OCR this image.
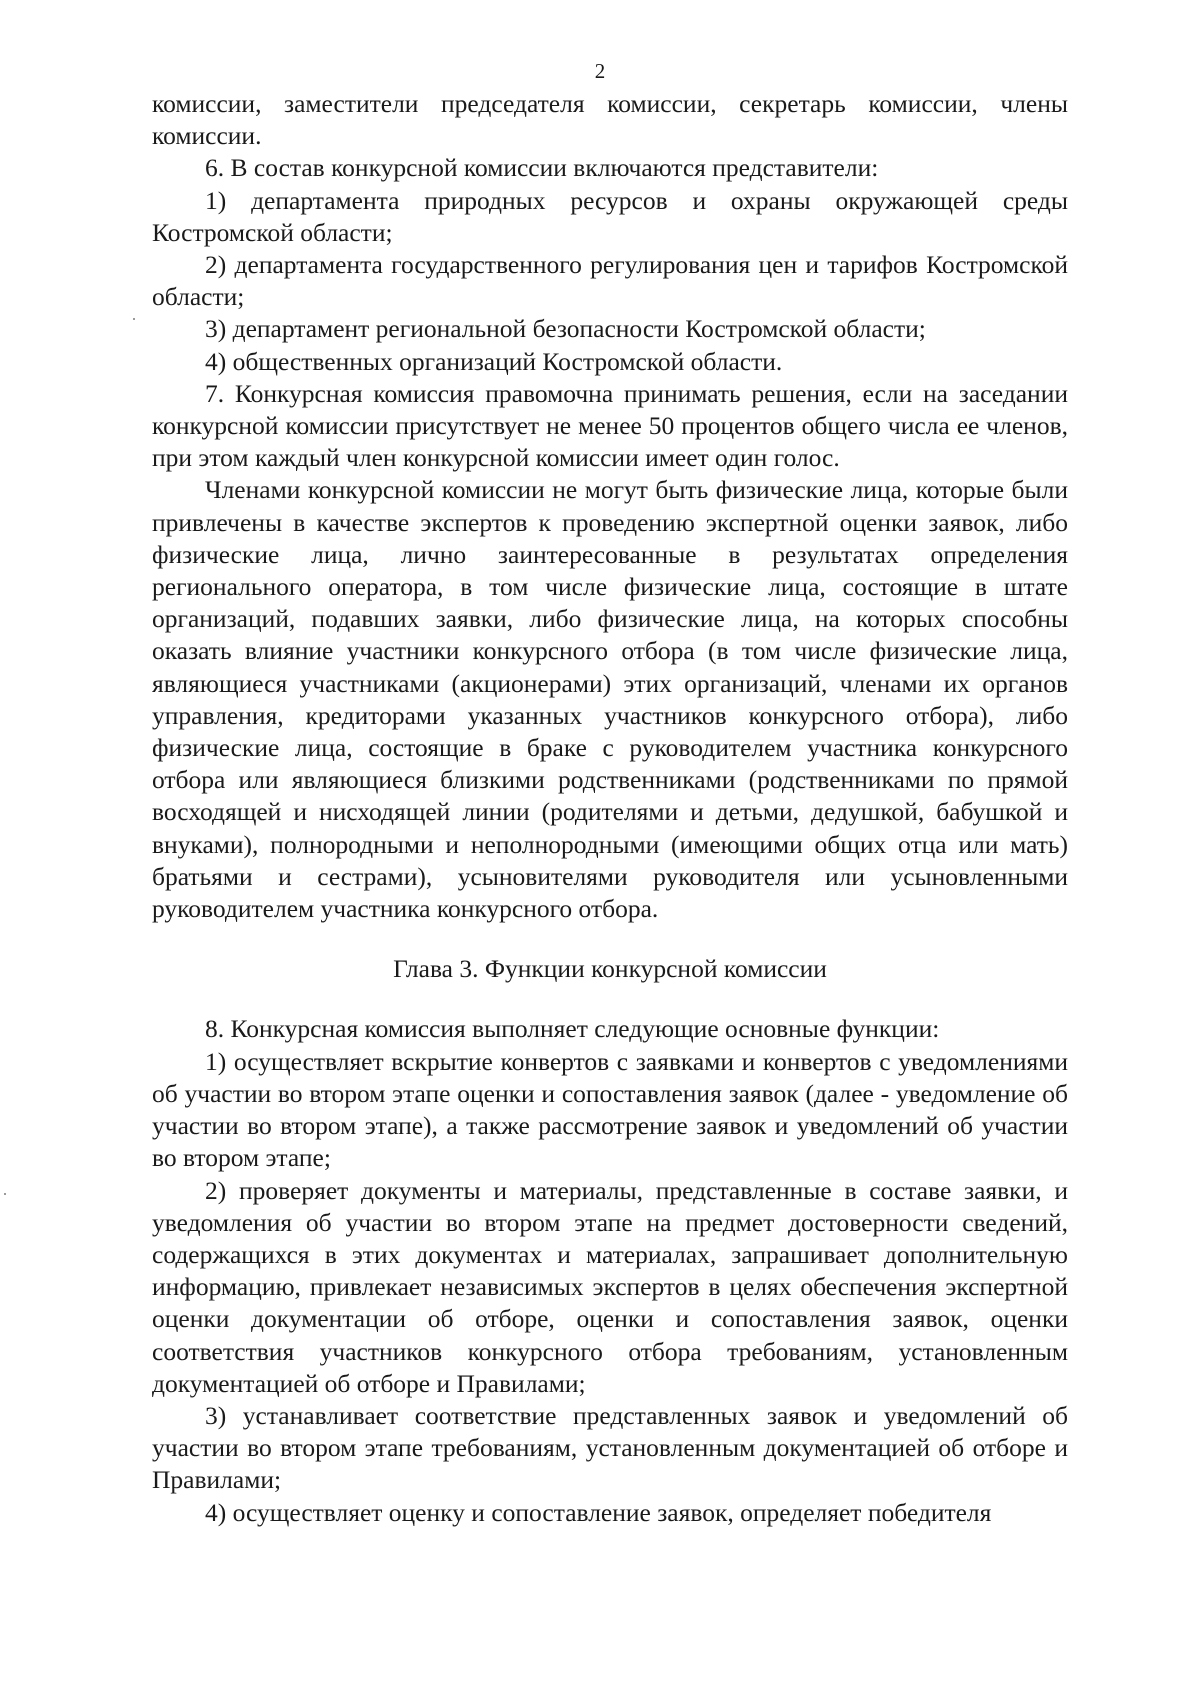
2

комиссии, заместители председателя комиссии, секретарь комиссии, члены комиссии.

6. В состав конкурсной комиссии включаются представители:

1) департамента природных ресурсов и охраны окружающей среды Костромской области;

2) департамента государственного регулирования цен и тарифов Костромской области;

3) департамент региональной безопасности Костромской области;

4) общественных организаций Костромской области.

7. Конкурсная комиссия правомочна принимать решения, если на заседании конкурсной комиссии присутствует не менее 50 процентов общего числа ее членов, при этом каждый член конкурсной комиссии имеет один голос.

Членами конкурсной комиссии не могут быть физические лица, которые были привлечены в качестве экспертов к проведению экспертной оценки заявок, либо физические лица, лично заинтересованные в результатах определения регионального оператора, в том числе физические лица, состоящие в штате организаций, подавших заявки, либо физические лица, на которых способны оказать влияние участники конкурсного отбора (в том числе физические лица, являющиеся участниками (акционерами) этих организаций, членами их органов управления, кредиторами указанных участников конкурсного отбора), либо физические лица, состоящие в браке с руководителем участника конкурсного отбора или являющиеся близкими родственниками (родственниками по прямой восходящей и нисходящей линии (родителями и детьми, дедушкой, бабушкой и внуками), полнородными и неполнородными (имеющими общих отца или мать) братьями и сестрами), усыновителями руководителя или усыновленными руководителем участника конкурсного отбора.

Глава 3. Функции конкурсной комиссии

8. Конкурсная комиссия выполняет следующие основные функции:

1) осуществляет вскрытие конвертов с заявками и конвертов с уведомлениями об участии во втором этапе оценки и сопоставления заявок (далее - уведомление об участии во втором этапе), а также рассмотрение заявок и уведомлений об участии во втором этапе;

2) проверяет документы и материалы, представленные в составе заявки, и уведомления об участии во втором этапе на предмет достоверности сведений, содержащихся в этих документах и материалах, запрашивает дополнительную информацию, привлекает независимых экспертов в целях обеспечения экспертной оценки документации об отборе, оценки и сопоставления заявок, оценки соответствия участников конкурсного отбора требованиям, установленным документацией об отборе и Правилами;

3) устанавливает соответствие представленных заявок и уведомлений об участии во втором этапе требованиям, установленным документацией об отборе и Правилами;

4) осуществляет оценку и сопоставление заявок, определяет победителя
